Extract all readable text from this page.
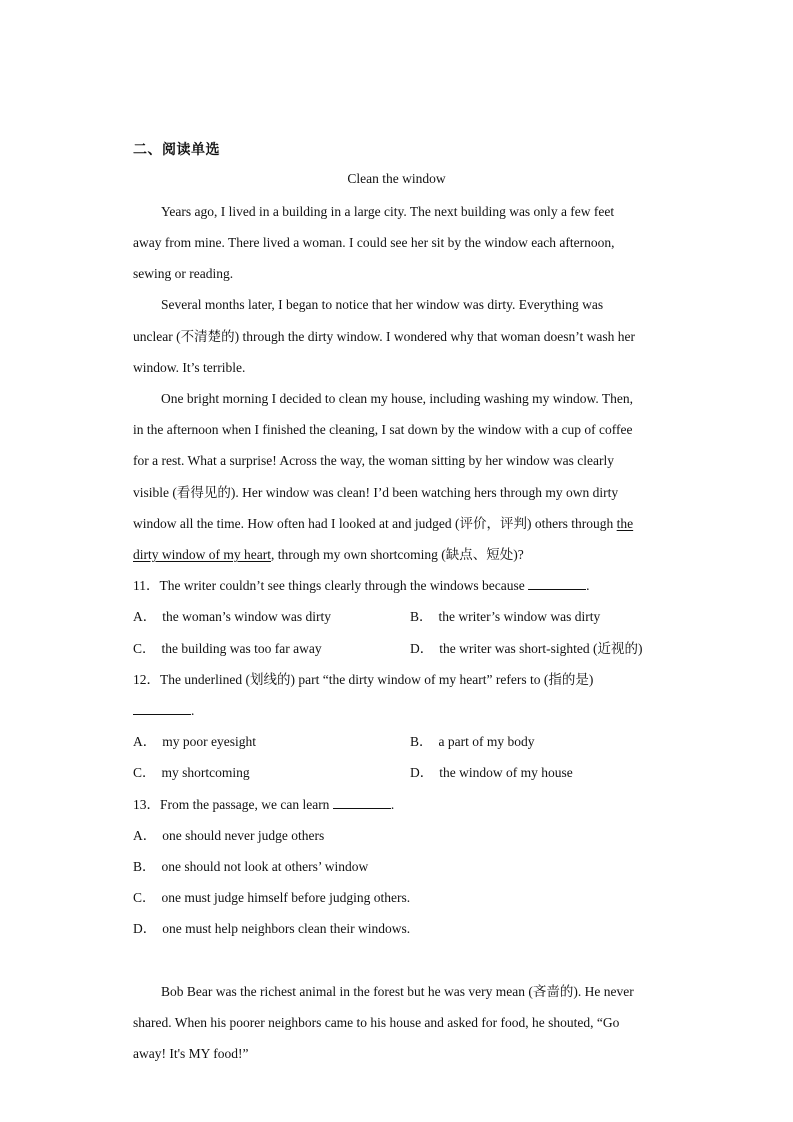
二、阅读单选
Clean the window
Years ago, I lived in a building in a large city. The next building was only a few feet
away from mine. There lived a woman. I could see her sit by the window each afternoon,
sewing or reading.
Several months later, I began to notice that her window was dirty. Everything was
unclear (不清楚的) through the dirty window. I wondered why that woman doesn’t wash her
window. It’s terrible.
One bright morning I decided to clean my house, including washing my window. Then,
in the afternoon when I finished the cleaning, I sat down by the window with a cup of coffee
for a rest. What a surprise! Across the way, the woman sitting by her window was clearly
visible (看得见的). Her window was clean! I’d been watching hers through my own dirty
window all the time. How often had I looked at and judged (评价，评判) others through the
dirty window of my heart, through my own shortcoming (缺点、短处)?
11．The writer couldn’t see things clearly through the windows because	.
A． the woman’s window was dirty	B． the writer’s window was dirty
C． the building was too far away	D． the writer was short-sighted (近视的)
12．The underlined (划线的) part “the dirty window of my heart” refers to (指的是)
.
A． my poor eyesight	B． a part of my body
C． my shortcoming	D． the window of my house
13．From the passage, we can learn	.
A． one should never judge others
B． one should not look at others’ window
C． one must judge himself before judging others.
D． one must help neighbors clean their windows.
Bob Bear was the richest animal in the forest but he was very mean (吝啬的). He never
shared. When his poorer neighbors came to his house and asked for food, he shouted, “Go
away! It's MY food!”
